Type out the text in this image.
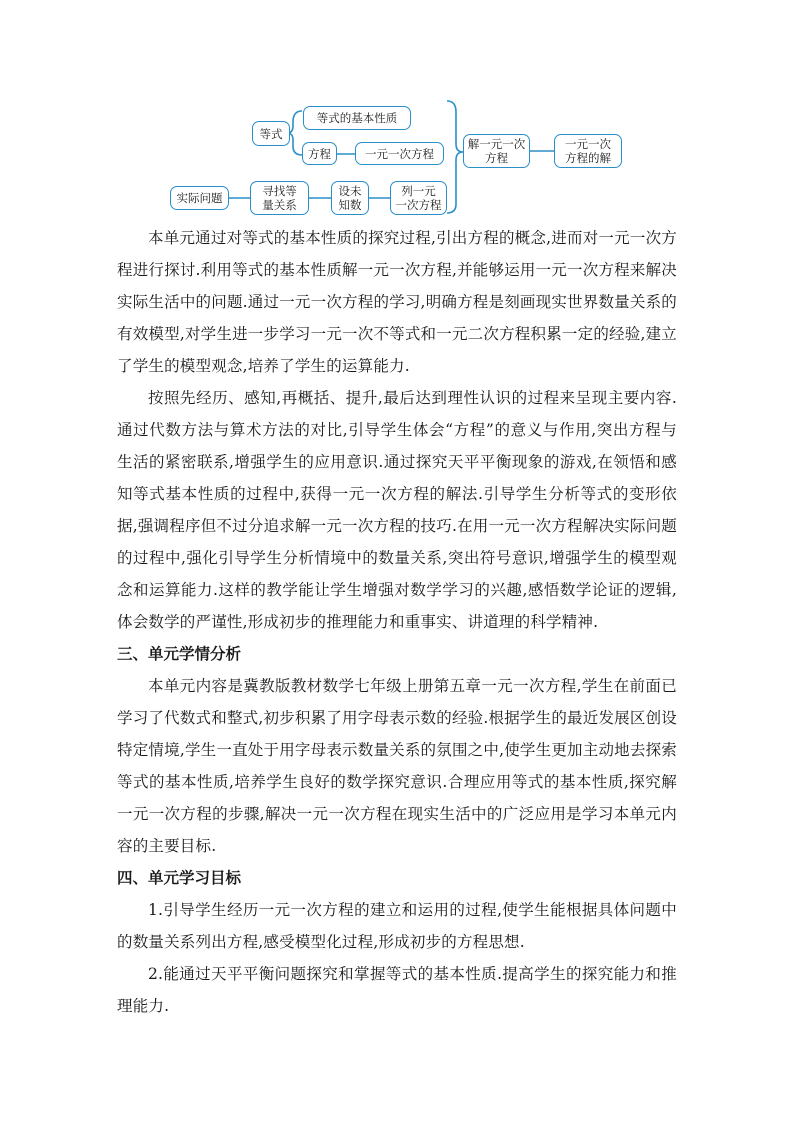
等式
等式的基本性质
方程	一元一次方程
解一元一次
方程
一元一次
方程的解
实际问题	寻找等
量关系
设未
知数
列一元
一次方程

本单元通过对等式的基本性质的探究过程,引出方程的概念,进而对一元一次方程进行探讨.利用等式的基本性质解一元一次方程,并能够运用一元一次方程来解决实际生活中的问题.通过一元一次方程的学习,明确方程是刻画现实世界数量关系的有效模型,对学生进一步学习一元一次不等式和一元二次方程积累一定的经验,建立了学生的模型观念,培养了学生的运算能力.

按照先经历、感知,再概括、提升,最后达到理性认识的过程来呈现主要内容.通过代数方法与算术方法的对比,引导学生体会“方程”的意义与作用,突出方程与生活的紧密联系,增强学生的应用意识.通过探究天平平衡现象的游戏,在领悟和感知等式基本性质的过程中,获得一元一次方程的解法.引导学生分析等式的变形依据,强调程序但不过分追求解一元一次方程的技巧.在用一元一次方程解决实际问题的过程中,强化引导学生分析情境中的数量关系,突出符号意识,增强学生的模型观念和运算能力.这样的教学能让学生增强对数学学习的兴趣,感悟数学论证的逻辑,体会数学的严谨性,形成初步的推理能力和重事实、讲道理的科学精神.

三、单元学情分析

本单元内容是冀教版教材数学七年级上册第五章一元一次方程,学生在前面已学习了代数式和整式,初步积累了用字母表示数的经验.根据学生的最近发展区创设特定情境,学生一直处于用字母表示数量关系的氛围之中,使学生更加主动地去探索等式的基本性质,培养学生良好的数学探究意识.合理应用等式的基本性质,探究解一元一次方程的步骤,解决一元一次方程在现实生活中的广泛应用是学习本单元内容的主要目标.

四、单元学习目标

1.引导学生经历一元一次方程的建立和运用的过程,使学生能根据具体问题中的数量关系列出方程,感受模型化过程,形成初步的方程思想.

2.能通过天平平衡问题探究和掌握等式的基本性质.提高学生的探究能力和推理能力.
